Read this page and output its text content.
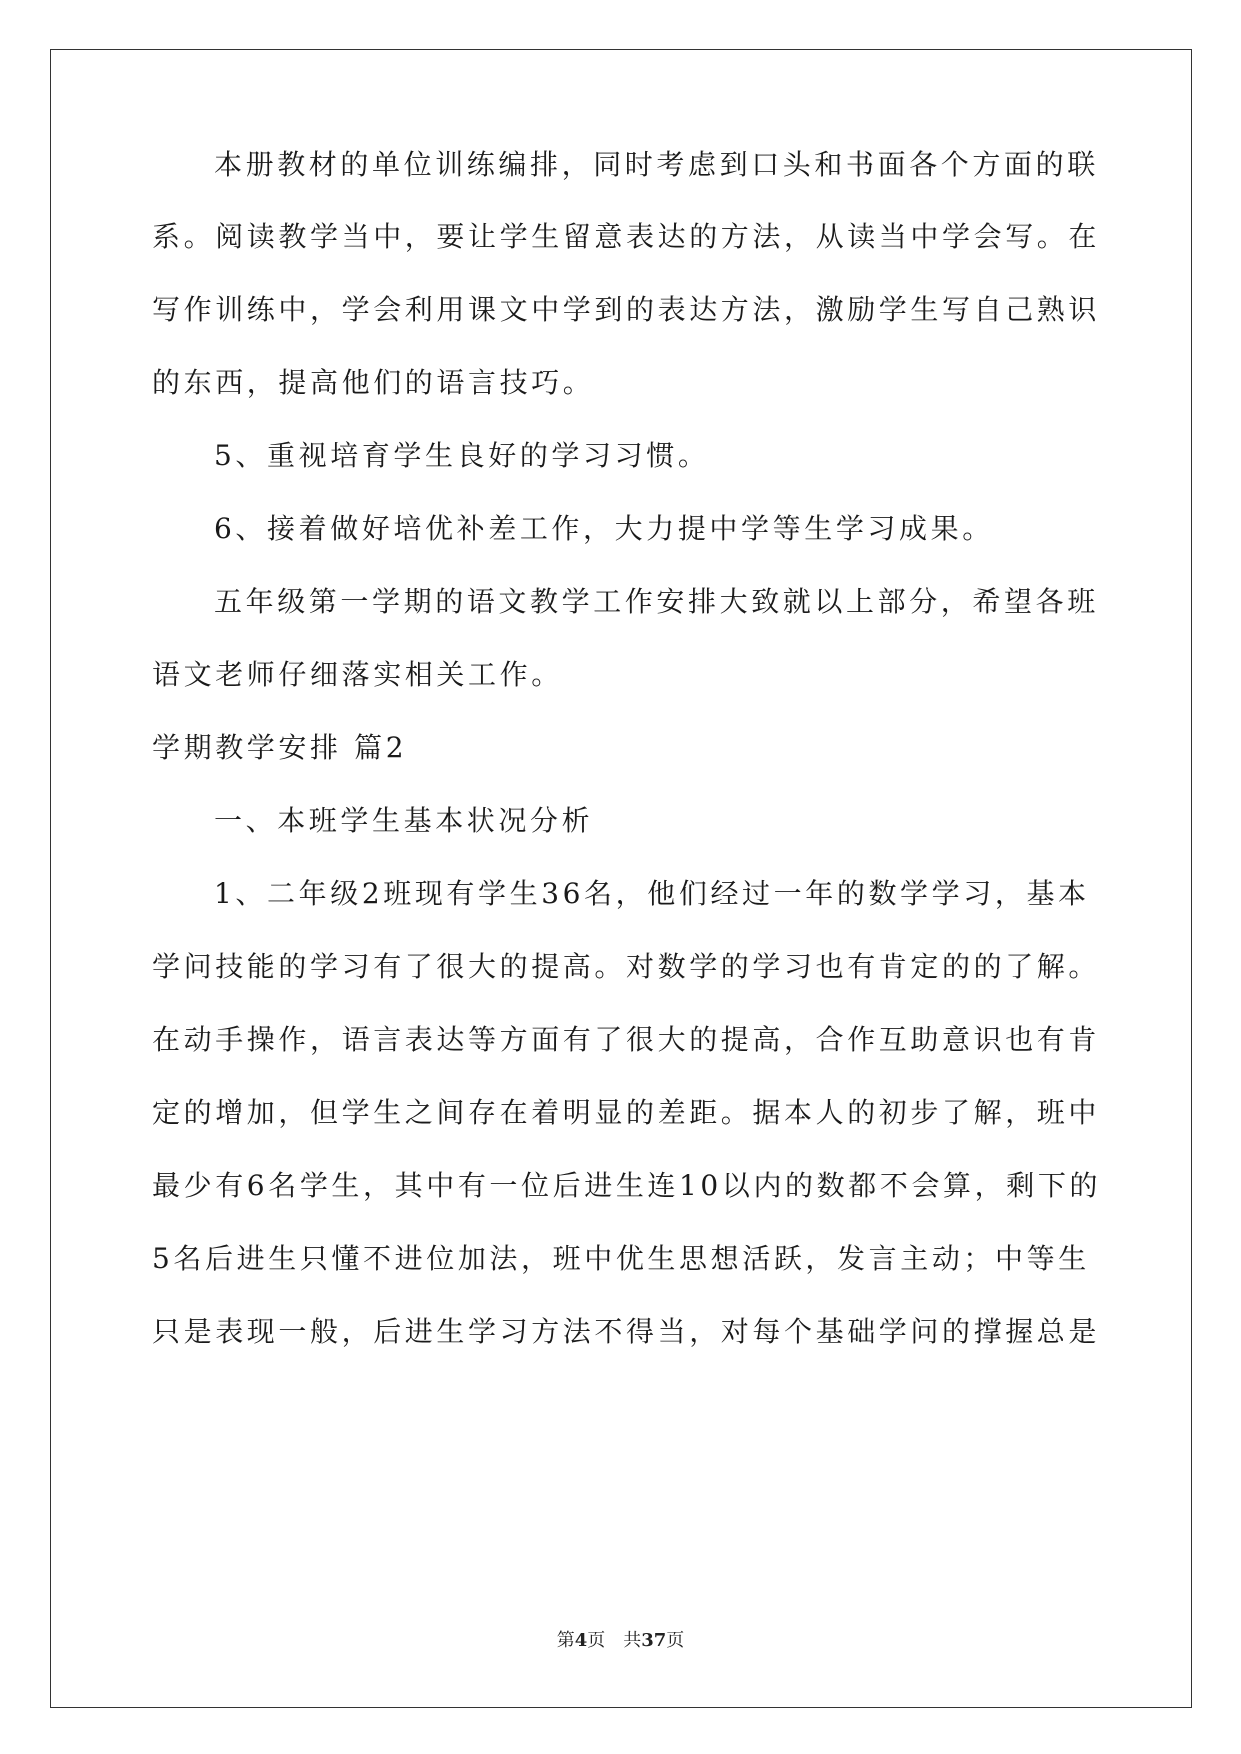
本册教材的单位训练编排，同时考虑到口头和书面各个方面的联
系。阅读教学当中，要让学生留意表达的方法，从读当中学会写。在
写作训练中，学会利用课文中学到的表达方法，激励学生写自己熟识
的东西，提高他们的语言技巧。
5、重视培育学生良好的学习习惯。
6、接着做好培优补差工作，大力提中学等生学习成果。
五年级第一学期的语文教学工作安排大致就以上部分，希望各班
语文老师仔细落实相关工作。
学期教学安排 篇2
一、本班学生基本状况分析
1、二年级2班现有学生36名，他们经过一年的数学学习，基本
学问技能的学习有了很大的提高。对数学的学习也有肯定的的了解。
在动手操作，语言表达等方面有了很大的提高，合作互助意识也有肯
定的增加，但学生之间存在着明显的差距。据本人的初步了解，班中
最少有6名学生，其中有一位后进生连10以内的数都不会算，剩下的
5名后进生只懂不进位加法，班中优生思想活跃，发言主动；中等生
只是表现一般，后进生学习方法不得当，对每个基础学问的撑握总是
第4页　共37页
